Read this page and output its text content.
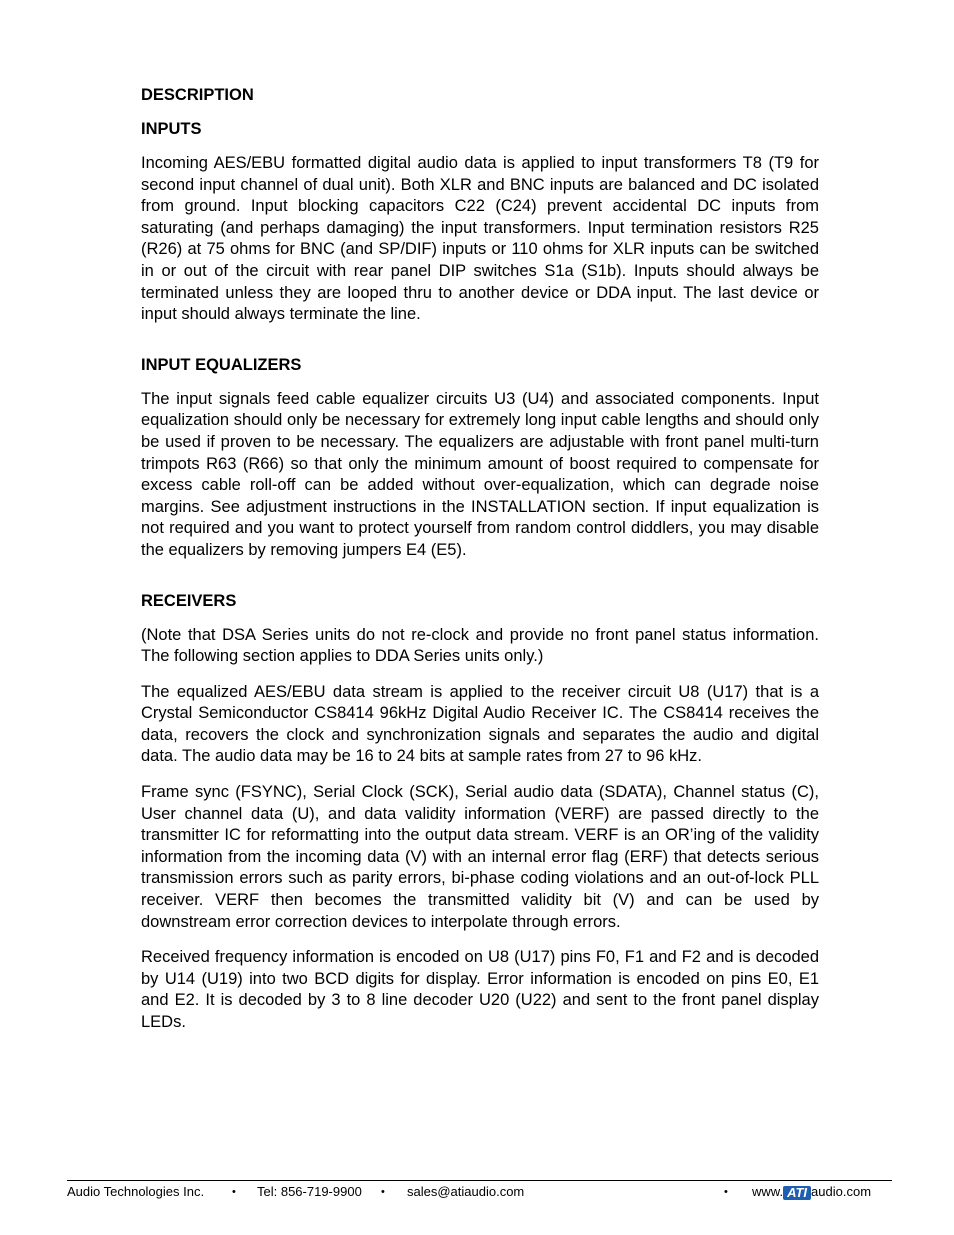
DESCRIPTION

INPUTS

Incoming AES/EBU formatted digital audio data is applied to input transformers T8 (T9 for second input channel of dual unit). Both XLR and BNC inputs are balanced and DC isolated from ground. Input blocking capacitors C22 (C24) prevent accidental DC inputs from saturating (and perhaps damaging) the input transformers. Input termination resistors R25 (R26) at 75 ohms for BNC (and SP/DIF) inputs or 110 ohms for XLR inputs can be switched in or out of the circuit with rear panel DIP switches S1a (S1b). Inputs should always be terminated unless they are looped thru to another device or DDA input. The last device or input should always terminate the line.

INPUT EQUALIZERS

The input signals feed cable equalizer circuits U3 (U4) and associated components. Input equalization should only be necessary for extremely long input cable lengths and should only be used if proven to be necessary. The equalizers are adjustable with front panel multi-turn trimpots R63 (R66) so that only the minimum amount of boost required to compensate for excess cable roll-off can be added without over-equalization, which can degrade noise margins. See adjustment instructions in the INSTALLATION section. If input equalization is not required and you want to protect yourself from random control diddlers, you may disable the equalizers by removing jumpers E4 (E5).

RECEIVERS

(Note that DSA Series units do not re-clock and provide no front panel status information. The following section applies to DDA Series units only.)

The equalized AES/EBU data stream is applied to the receiver circuit U8 (U17) that is a Crystal Semiconductor CS8414 96kHz Digital Audio Receiver IC. The CS8414 receives the data, recovers the clock and synchronization signals and separates the audio and digital data. The audio data may be 16 to 24 bits at sample rates from 27 to 96 kHz.

Frame sync (FSYNC), Serial Clock (SCK), Serial audio data (SDATA), Channel status (C), User channel data (U), and data validity information (VERF) are passed directly to the transmitter IC for reformatting into the output data stream. VERF is an OR’ing of the validity information from the incoming data (V) with an internal error flag (ERF) that detects serious transmission errors such as parity errors, bi-phase coding violations and an out-of-lock PLL receiver. VERF then becomes the transmitted validity bit (V) and can be used by downstream error correction devices to interpolate through errors.

Received frequency information is encoded on U8 (U17) pins F0, F1 and F2 and is decoded by U14 (U19) into two BCD digits for display. Error information is encoded on pins E0, E1 and E2. It is decoded by 3 to 8 line decoder U20 (U22) and sent to the front panel display LEDs.

Audio Technologies Inc.	• Tel: 856-719-9900 • sales@atiaudio.com	• www. ATI audio.com
